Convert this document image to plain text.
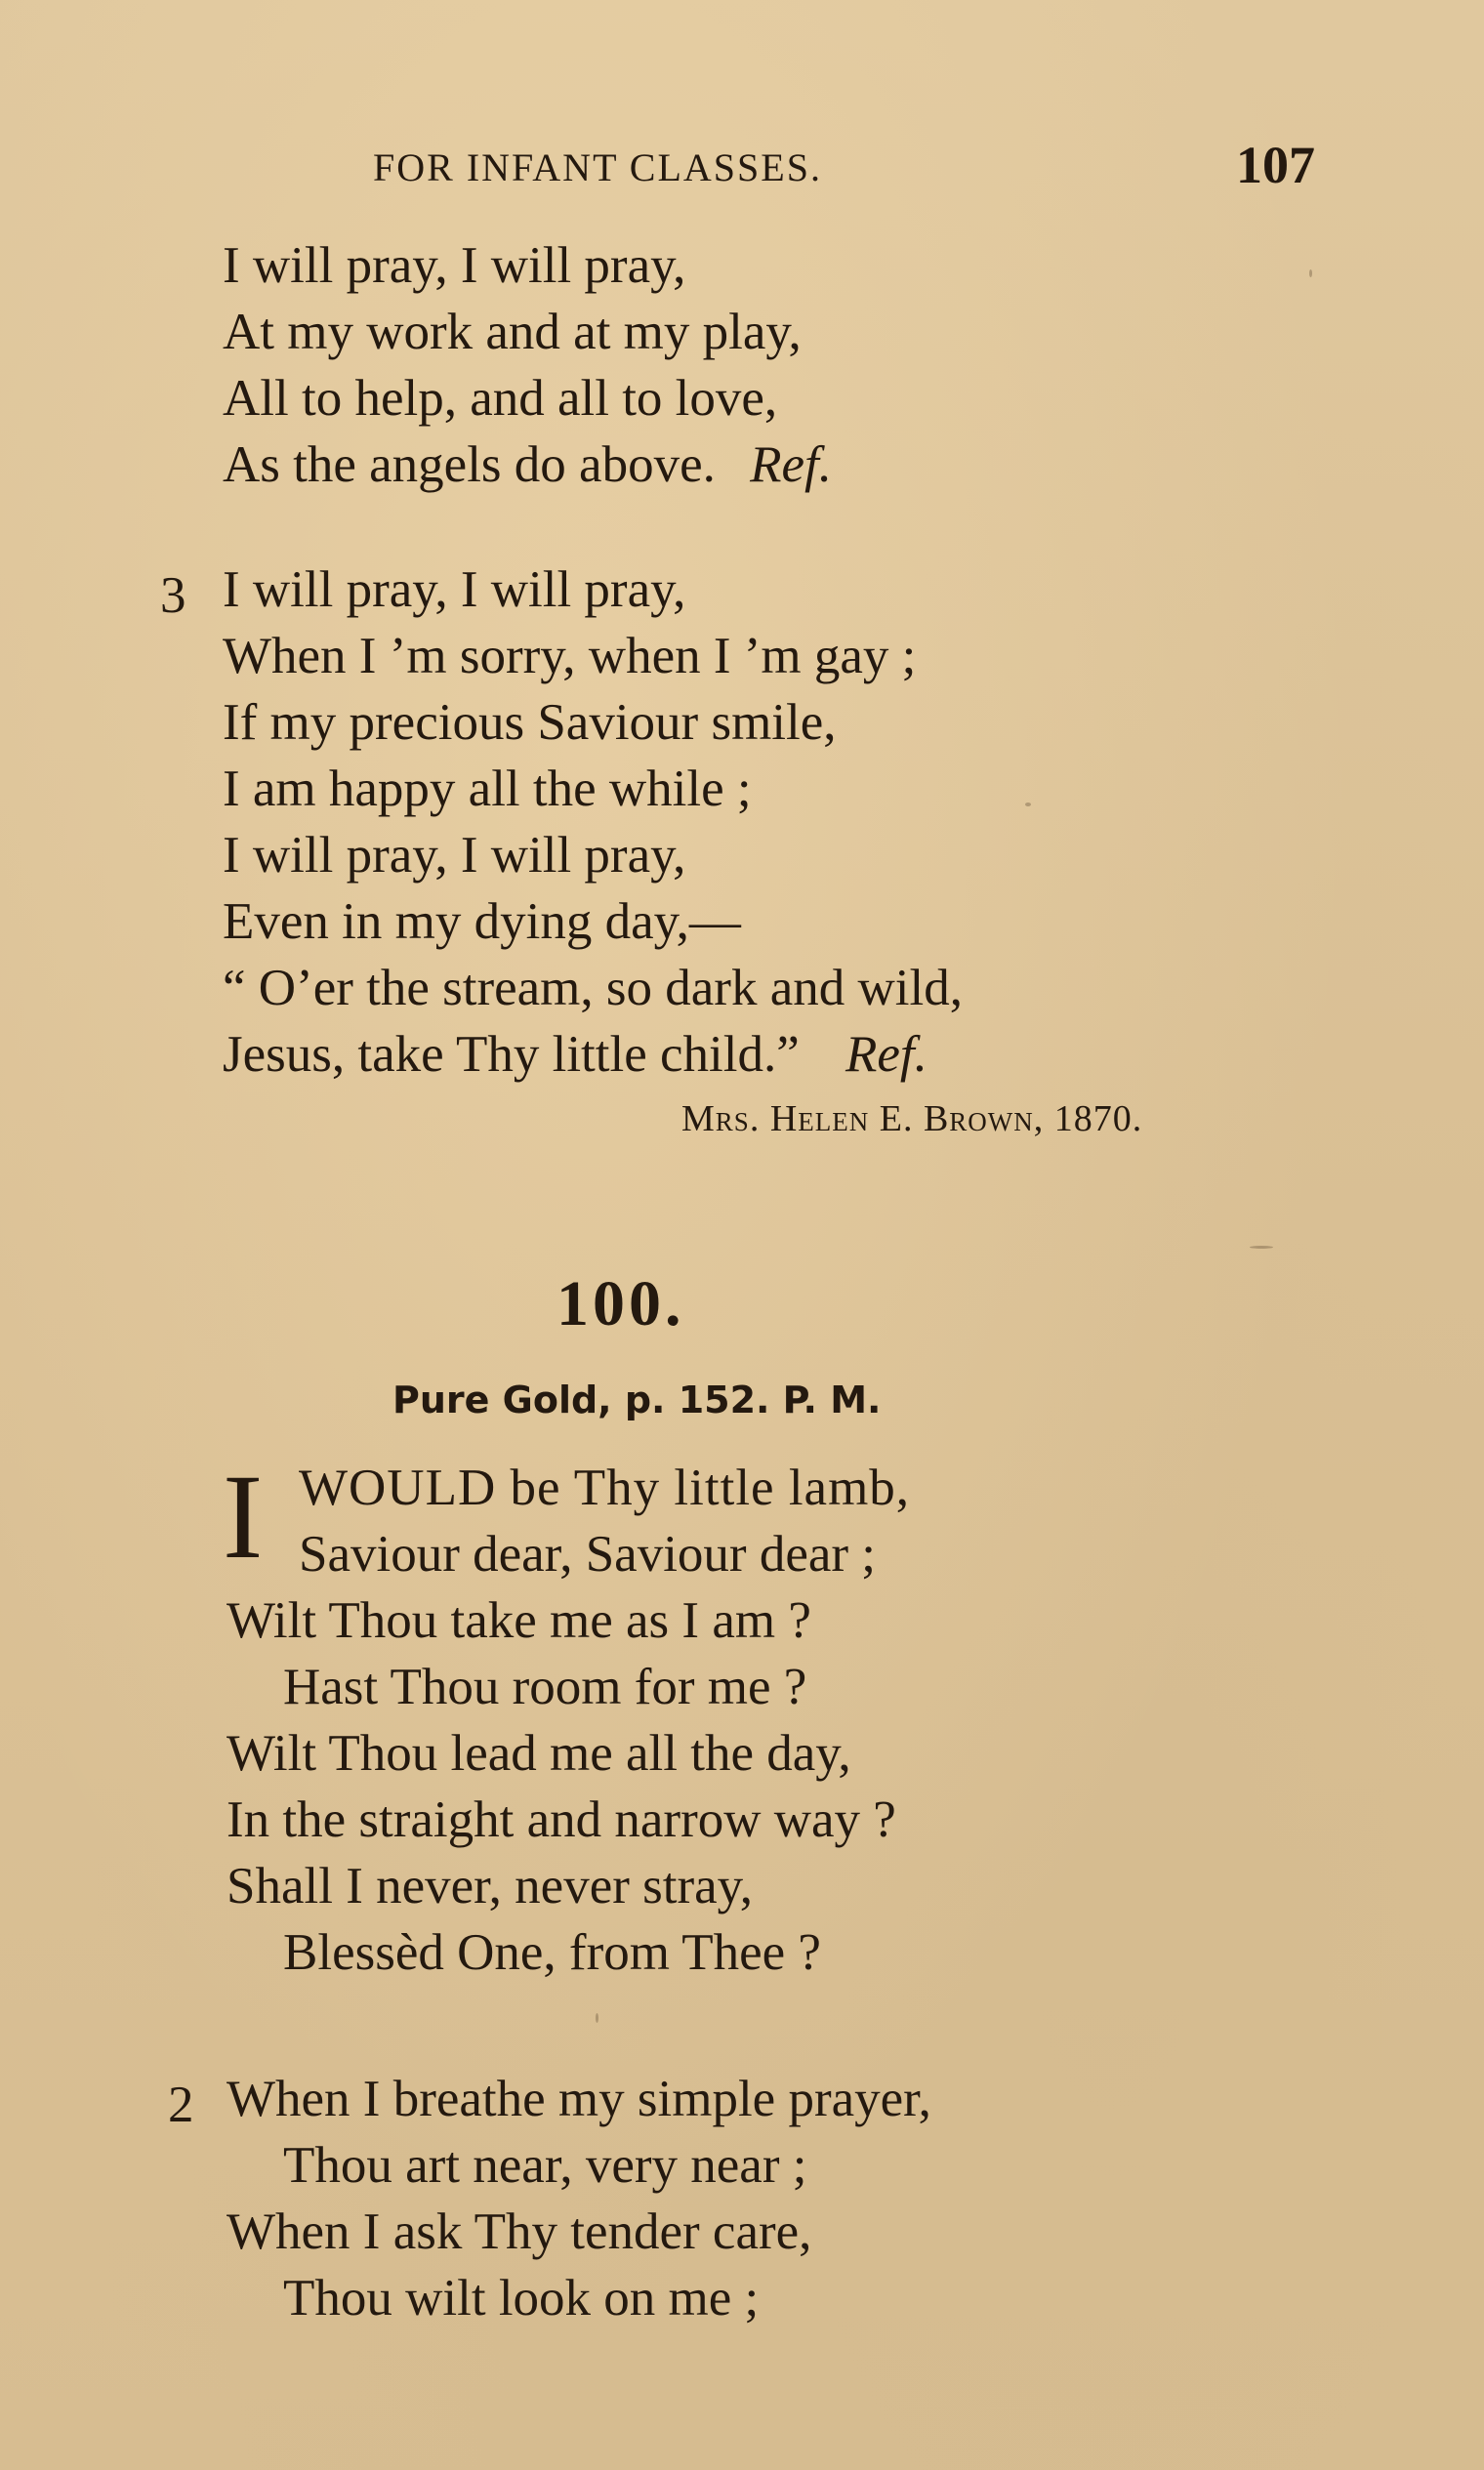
FOR INFANT CLASSES.	107
I will pray, I will pray,
At my work and at my play,
All to help, and all to love,
As the angels do above. Ref.
3 I will pray, I will pray,
When I ’m sorry, when I ’m gay ;
If my precious Saviour smile,
I am happy all the while ;
I will pray, I will pray,
Even in my dying day,—
“ O’er the stream, so dark and wild,
Jesus, take Thy little child.” Ref.
Mrs. Helen E. Brown, 1870.
100.
Pure Gold, p. 152. P. M.
I WOULD be Thy little lamb,
Saviour dear, Saviour dear ;
Wilt Thou take me as I am ?
Hast Thou room for me ?
Wilt Thou lead me all the day,
In the straight and narrow way ?
Shall I never, never stray,
Blessèd One, from Thee ?
2 When I breathe my simple prayer,
Thou art near, very near ;
When I ask Thy tender care,
Thou wilt look on me ;
